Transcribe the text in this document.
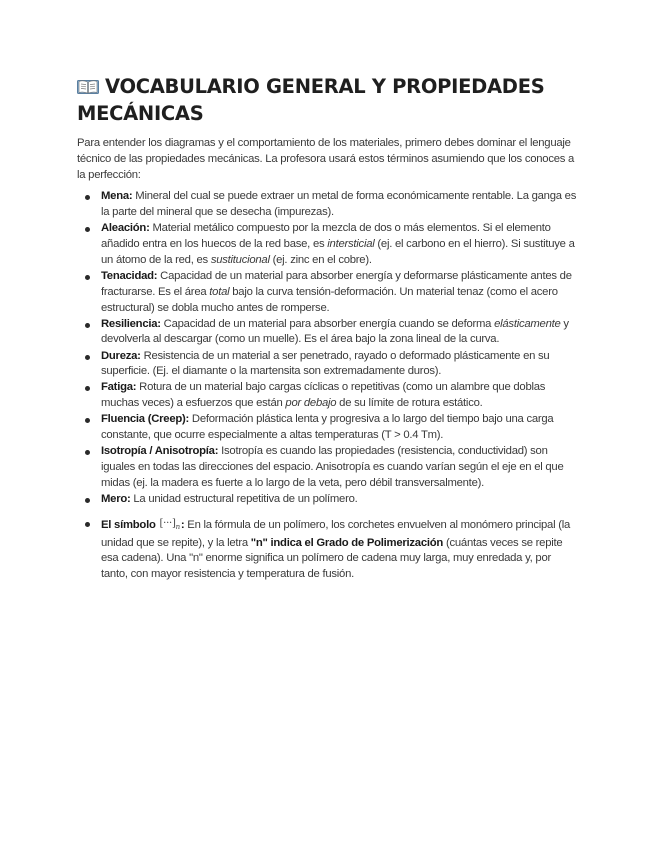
VOCABULARIO GENERAL Y PROPIEDADES MECÁNICAS

Para entender los diagramas y el comportamiento de los materiales, primero debes dominar el lenguaje técnico de las propiedades mecánicas. La profesora usará estos términos asumiendo que los conoces a la perfección:

Mena: Mineral del cual se puede extraer un metal de forma económicamente rentable. La ganga es la parte del mineral que se desecha (impurezas).
Aleación: Material metálico compuesto por la mezcla de dos o más elementos. Si el elemento añadido entra en los huecos de la red base, es intersticial (ej. el carbono en el hierro). Si sustituye a un átomo de la red, es sustitucional (ej. zinc en el cobre).
Tenacidad: Capacidad de un material para absorber energía y deformarse plásticamente antes de fracturarse. Es el área total bajo la curva tensión-deformación. Un material tenaz (como el acero estructural) se dobla mucho antes de romperse.
Resiliencia: Capacidad de un material para absorber energía cuando se deforma elásticamente y devolverla al descargar (como un muelle). Es el área bajo la zona lineal de la curva.
Dureza: Resistencia de un material a ser penetrado, rayado o deformado plásticamente en su superficie. (Ej. el diamante o la martensita son extremadamente duros).
Fatiga: Rotura de un material bajo cargas cíclicas o repetitivas (como un alambre que doblas muchas veces) a esfuerzos que están por debajo de su límite de rotura estático.
Fluencia (Creep): Deformación plástica lenta y progresiva a lo largo del tiempo bajo una carga constante, que ocurre especialmente a altas temperaturas (T > 0.4 Tm).
Isotropía / Anisotropía: Isotropía es cuando las propiedades (resistencia, conductividad) son iguales en todas las direcciones del espacio. Anisotropía es cuando varían según el eje en el que midas (ej. la madera es fuerte a lo largo de la veta, pero débil transversalmente).
Mero: La unidad estructural repetitiva de un polímero.
El símbolo $[\cdot\cdot\cdot]_n$: En la fórmula de un polímero, los corchetes envuelven al monómero principal (la unidad que se repite), y la letra "n" indica el Grado de Polimerización (cuántas veces se repite esa cadena). Una "n" enorme significa un polímero de cadena muy larga, muy enredada y, por tanto, con mayor resistencia y temperatura de fusión.
